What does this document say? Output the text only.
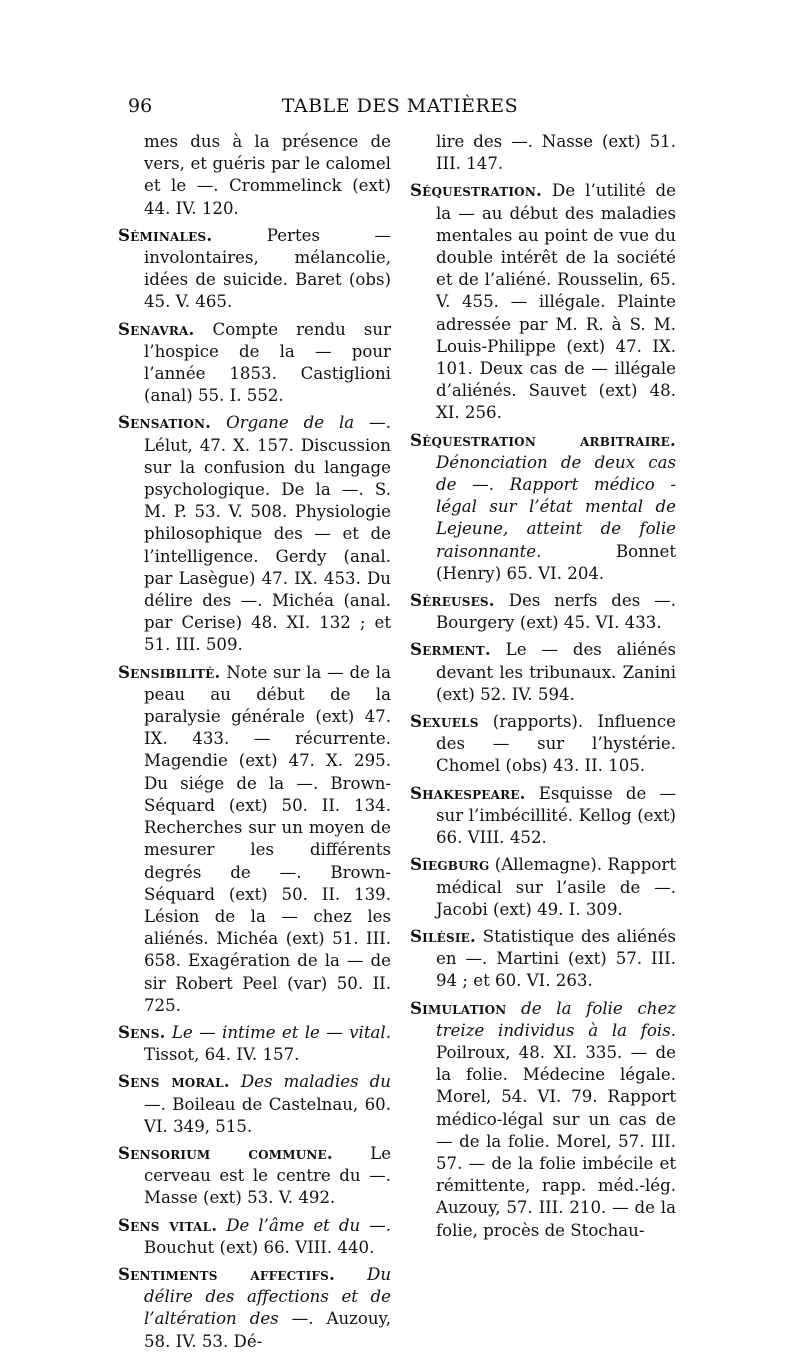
96	TABLE DES MATIÈRES

mes dus à la présence de vers, et guéris par le calomel et le —. Crommelinck (ext) 44. IV. 120.

Séminales.	Pertes — involontaires, mélancolie, idées de suicide. Baret (obs) 45. V. 465.

Senavra. Compte rendu sur l’hospice de la — pour l’année 1853. Castiglioni (anal) 55. I. 552.

Sensation. Organe de la —. Lélut, 47. X. 157. Discussion sur la confusion du langage psychologique. De la —. S. M. P. 53. V. 508. Physiologie philosophique des — et de l’intelligence. Gerdy (anal. par Lasègue) 47. IX. 453. Du délire des —. Michéa (anal. par Cerise) 48. XI. 132 ; et 51. III. 509.

Sensibilité. Note sur la — de la peau au début de la paralysie générale (ext) 47. IX. 433. — récurrente. Magendie (ext) 47. X. 295. Du siége de la —. Brown-Séquard (ext) 50. II. 134. Recherches sur un moyen de mesurer les différents degrés de —. Brown-Séquard (ext) 50. II. 139. Lésion de la — chez les aliénés. Michéa (ext) 51. III. 658. Exagération de la — de sir Robert Peel (var) 50. II. 725.

Sens. Le — intime et le — vital. Tissot, 64. IV. 157.

Sens moral. Des maladies du —. Boileau de Castelnau, 60. VI. 349, 515.

Sensorium commune. Le cerveau est le centre du —. Masse (ext) 53. V. 492.

Sens vital. De l’âme et du —. Bouchut (ext) 66. VIII. 440.

Sentiments affectifs. Du délire des affections et de l’altération des —. Auzouy, 58. IV. 53. Dé-

lire des —. Nasse (ext) 51. III. 147.

Séquestration. De l’utilité de la — au début des maladies mentales au point de vue du double intérêt de la société et de l’aliéné. Rousselin, 65. V. 455. — illégale. Plainte adressée par M. R. à S. M. Louis-Philippe (ext) 47. IX. 101. Deux cas de — illégale d’aliénés. Sauvet (ext) 48. XI. 256.

Séquestration arbitraire. Dénonciation de deux cas de —. Rapport médico - légal sur l’état mental de Lejeune, atteint de folie raisonnante.	Bonnet (Henry) 65. VI. 204.

Séreuses. Des nerfs des —. Bourgery (ext) 45. VI. 433.

Serment. Le — des aliénés devant les tribunaux. Zanini (ext) 52. IV. 594.

Sexuels (rapports). Influence des — sur l’hystérie. Chomel (obs) 43. II. 105.

Shakespeare. Esquisse de — sur l’imbécillité. Kellog (ext) 66. VIII. 452.

Siegburg (Allemagne). Rapport médical sur l’asile de —. Jacobi (ext) 49. I. 309.

Silésie. Statistique des aliénés en —. Martini (ext) 57. III. 94 ; et 60. VI. 263.

Simulation de la folie chez treize individus à la fois. Poilroux, 48. XI. 335. — de la folie. Médecine légale. Morel, 54. VI. 79. Rapport médico-légal sur un cas de — de la folie. Morel, 57. III. 57. — de la folie imbécile et rémittente, rapp. méd.-lég. Auzouy, 57. III. 210. — de la folie, procès de Stochau-
